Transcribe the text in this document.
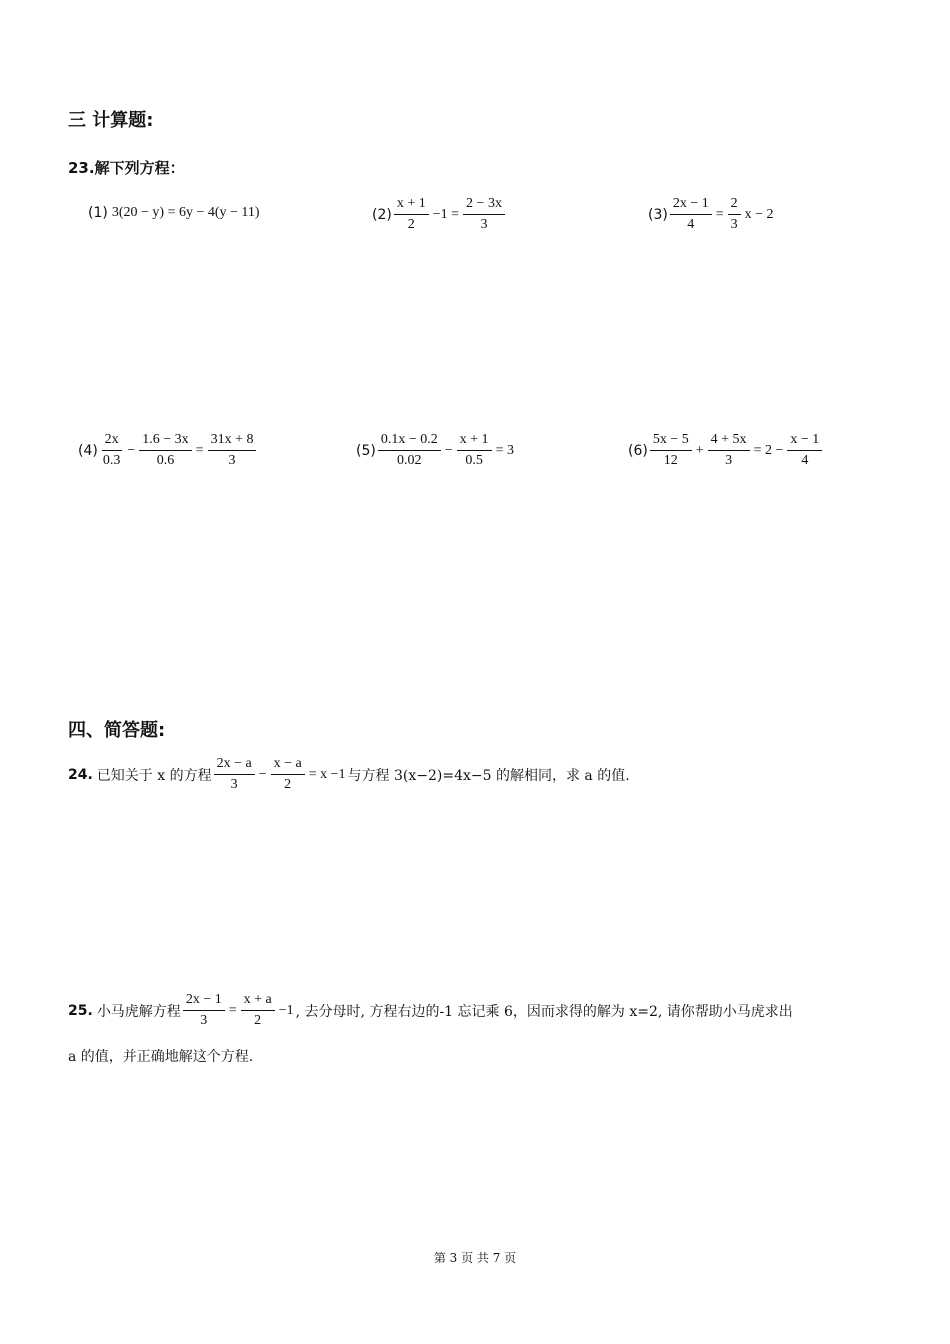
三 计算题:
23.解下列方程：
(1) 3(20 − y) = 6y − 4(y − 11)	$(2) \frac{x + 1}{2} -1 = \frac{2 - 3x}{3}$	$(3) \frac{2x - 1}{4} = \frac{2}{3}$ x − 2
$(4) \frac{2x}{0.3} - \frac{1.6 - 3x}{0.6} = \frac{31x + 8}{3}$	$(5) \frac{0.1x - 0.2}{0.02} - \frac{x + 1}{0.5} = 3$	$(6) \frac{5x - 5}{12} + \frac{4 + 5x}{3} = 2 - \frac{x - 1}{4}$
四、简答题:
24. 已知关于 x 的方程 $\frac{2x - a}{3} - \frac{x - a}{2} = x -1$ 与方程 3(x−2)=4x−5 的解相同，求 a 的值.
25. 小马虎解方程 $\frac{2x - 1}{3} = \frac{x + a}{2} -1$ , 去分母时, 方程右边的-1 忘记乘 6，因而求得的解为 x=2, 请你帮助小马虎求出
a 的值，并正确地解这个方程.
第 3 页 共 7 页
